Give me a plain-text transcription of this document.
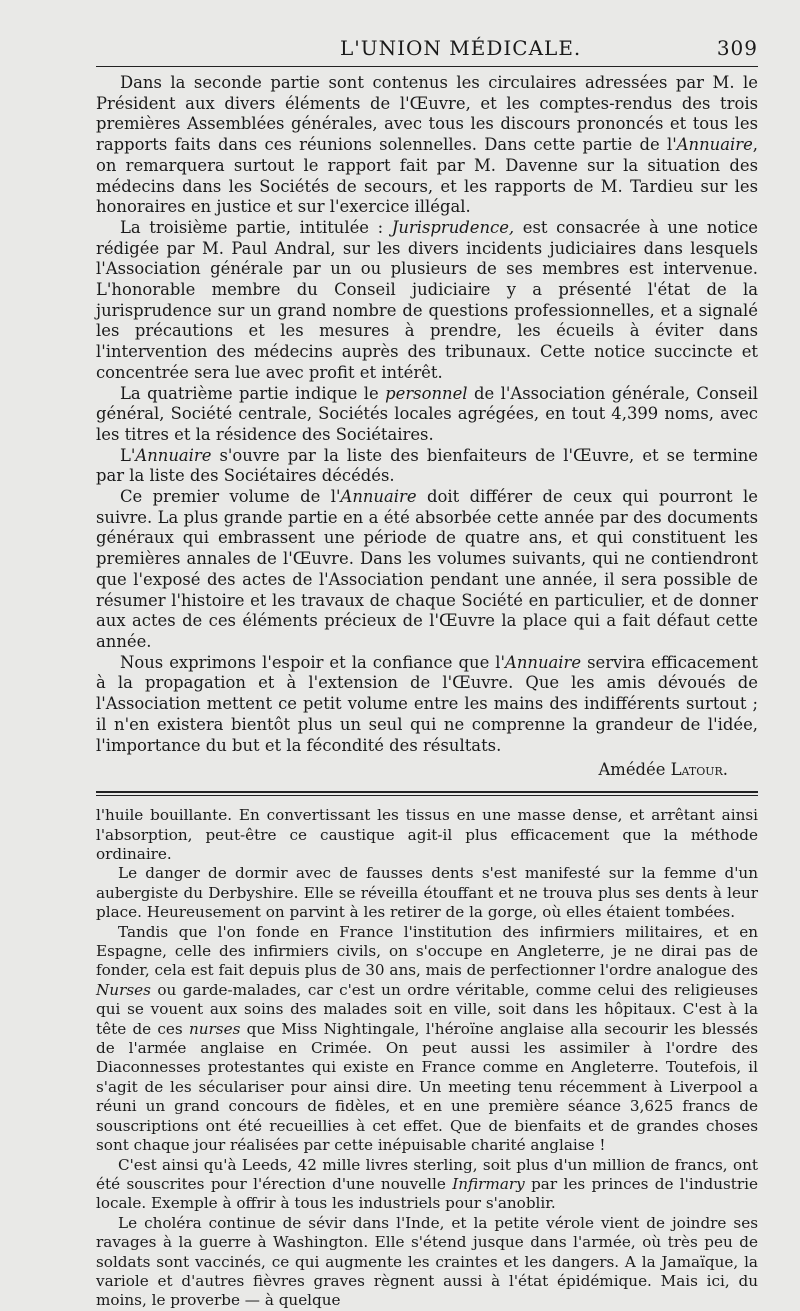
L'UNION MÉDICALE.	309

Dans la seconde partie sont contenus les circulaires adressées par M. le Président aux divers éléments de l'Œuvre, et les comptes-rendus des trois premières Assemblées générales, avec tous les discours prononcés et tous les rapports faits dans ces réunions solennelles. Dans cette partie de l'Annuaire, on remarquera surtout le rapport fait par M. Davenne sur la situation des médecins dans les Sociétés de secours, et les rapports de M. Tardieu sur les honoraires en justice et sur l'exercice illégal.

La troisième partie, intitulée : Jurisprudence, est consacrée à une notice rédigée par M. Paul Andral, sur les divers incidents judiciaires dans lesquels l'Association générale par un ou plusieurs de ses membres est intervenue. L'honorable membre du Conseil judiciaire y a présenté l'état de la jurisprudence sur un grand nombre de questions professionnelles, et a signalé les précautions et les mesures à prendre, les écueils à éviter dans l'intervention des médecins auprès des tribunaux. Cette notice succincte et concentrée sera lue avec profit et intérêt.

La quatrième partie indique le personnel de l'Association générale, Conseil général, Société centrale, Sociétés locales agrégées, en tout 4,399 noms, avec les titres et la résidence des Sociétaires.

L'Annuaire s'ouvre par la liste des bienfaiteurs de l'Œuvre, et se termine par la liste des Sociétaires décédés.

Ce premier volume de l'Annuaire doit différer de ceux qui pourront le suivre. La plus grande partie en a été absorbée cette année par des documents généraux qui embrassent une période de quatre ans, et qui constituent les premières annales de l'Œuvre. Dans les volumes suivants, qui ne contiendront que l'exposé des actes de l'Association pendant une année, il sera possible de résumer l'histoire et les travaux de chaque Société en particulier, et de donner aux actes de ces éléments précieux de l'Œuvre la place qui a fait défaut cette année.

Nous exprimons l'espoir et la confiance que l'Annuaire servira efficacement à la propagation et à l'extension de l'Œuvre. Que les amis dévoués de l'Association mettent ce petit volume entre les mains des indifférents surtout ; il n'en existera bientôt plus un seul qui ne comprenne la grandeur de l'idée, l'importance du but et la fécondité des résultats.

Amédée Latour.

l'huile bouillante. En convertissant les tissus en une masse dense, et arrêtant ainsi l'absorption, peut-être ce caustique agit-il plus efficacement que la méthode ordinaire.

Le danger de dormir avec de fausses dents s'est manifesté sur la femme d'un aubergiste du Derbyshire. Elle se réveilla étouffant et ne trouva plus ses dents à leur place. Heureusement on parvint à les retirer de la gorge, où elles étaient tombées.

Tandis que l'on fonde en France l'institution des infirmiers militaires, et en Espagne, celle des infirmiers civils, on s'occupe en Angleterre, je ne dirai pas de fonder, cela est fait depuis plus de 30 ans, mais de perfectionner l'ordre analogue des Nurses ou garde-malades, car c'est un ordre véritable, comme celui des religieuses qui se vouent aux soins des malades soit en ville, soit dans les hôpitaux. C'est à la tête de ces nurses que Miss Nightingale, l'héroïne anglaise alla secourir les blessés de l'armée anglaise en Crimée. On peut aussi les assimiler à l'ordre des Diaconnesses protestantes qui existe en France comme en Angleterre. Toutefois, il s'agit de les séculariser pour ainsi dire. Un meeting tenu récemment à Liverpool a réuni un grand concours de fidèles, et en une première séance 3,625 francs de souscriptions ont été recueillies à cet effet. Que de bienfaits et de grandes choses sont chaque jour réalisées par cette inépuisable charité anglaise !

C'est ainsi qu'à Leeds, 42 mille livres sterling, soit plus d'un million de francs, ont été souscrites pour l'érection d'une nouvelle Infirmary par les princes de l'industrie locale. Exemple à offrir à tous les industriels pour s'anoblir.

Le choléra continue de sévir dans l'Inde, et la petite vérole vient de joindre ses ravages à la guerre à Washington. Elle s'étend jusque dans l'armée, où très peu de soldats sont vaccinés, ce qui augmente les craintes et les dangers. A la Jamaïque, la variole et d'autres fièvres graves règnent aussi à l'état épidémique. Mais ici, du moins, le proverbe — à quelque
